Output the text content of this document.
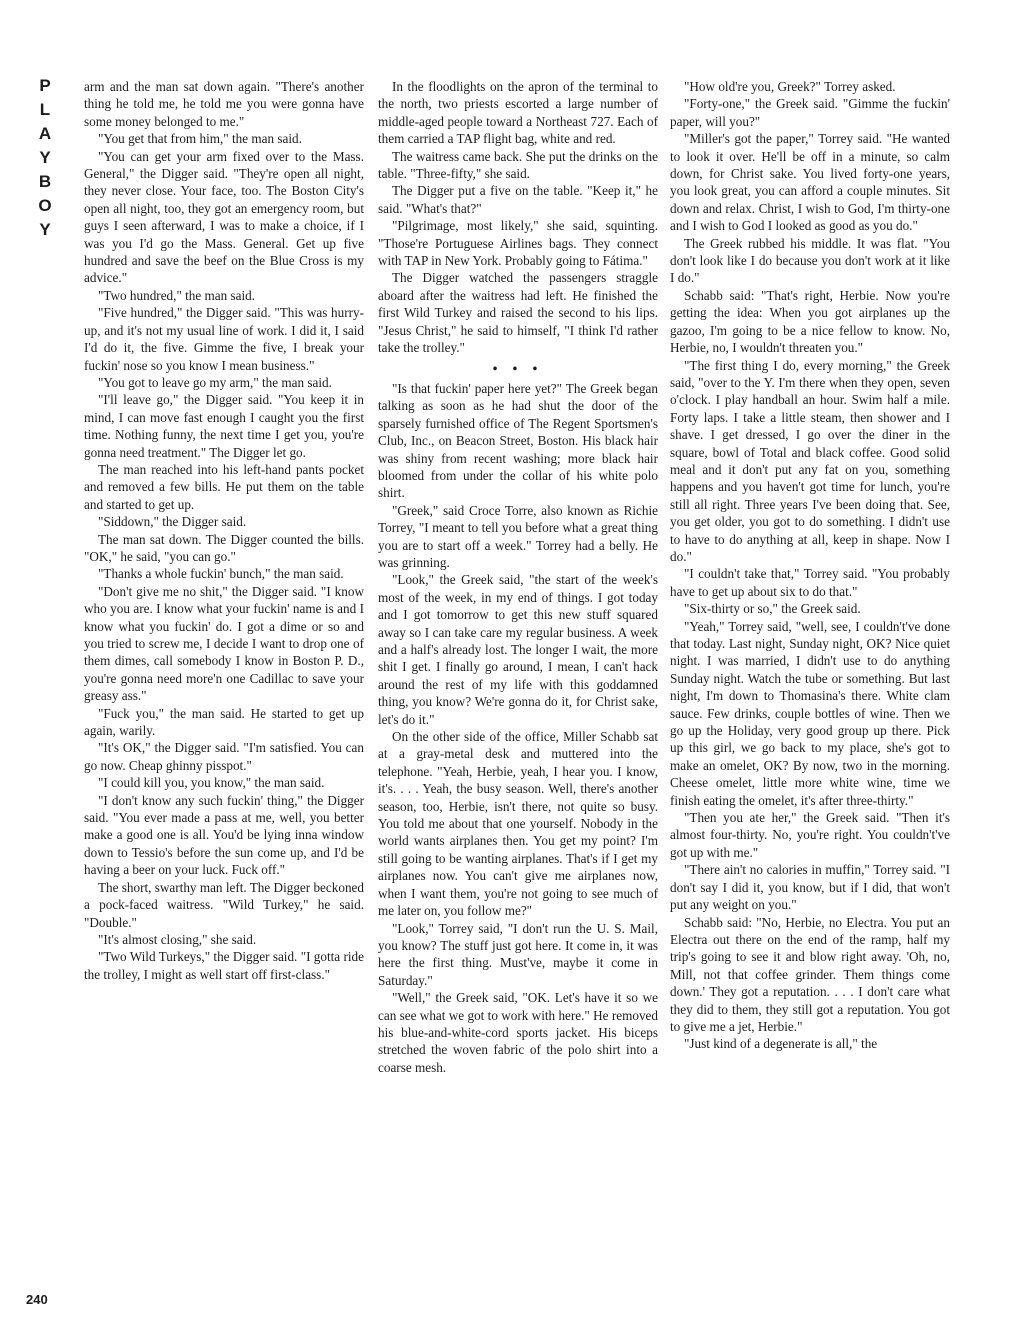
P
L
A
Y
B
O
Y

arm and the man sat down again. "There's another thing he told me, he told me you were gonna have some money belonged to me."

"You get that from him," the man said.

"You can get your arm fixed over to the Mass. General," the Digger said. "They're open all night, they never close. Your face, too. The Boston City's open all night, too, they got an emergency room, but guys I seen afterward, I was to make a choice, if I was you I'd go the Mass. General. Get up five hundred and save the beef on the Blue Cross is my advice."

"Two hundred," the man said.

"Five hundred," the Digger said. "This was hurry-up, and it's not my usual line of work. I did it, I said I'd do it, the five. Gimme the five, I break your fuckin' nose so you know I mean business."

"You got to leave go my arm," the man said.

"I'll leave go," the Digger said. "You keep it in mind, I can move fast enough I caught you the first time. Nothing funny, the next time I get you, you're gonna need treatment." The Digger let go.

The man reached into his left-hand pants pocket and removed a few bills. He put them on the table and started to get up.

"Siddown," the Digger said.

The man sat down. The Digger counted the bills. "OK," he said, "you can go."

"Thanks a whole fuckin' bunch," the man said.

"Don't give me no shit," the Digger said. "I know who you are. I know what your fuckin' name is and I know what you fuckin' do. I got a dime or so and you tried to screw me, I decide I want to drop one of them dimes, call somebody I know in Boston P. D., you're gonna need more'n one Cadillac to save your greasy ass."

"Fuck you," the man said. He started to get up again, warily.

"It's OK," the Digger said. "I'm satisfied. You can go now. Cheap ghinny pisspot."

"I could kill you, you know," the man said.

"I don't know any such fuckin' thing," the Digger said. "You ever made a pass at me, well, you better make a good one is all. You'd be lying inna window down to Tessio's before the sun come up, and I'd be having a beer on your luck. Fuck off."

The short, swarthy man left. The Digger beckoned a pock-faced waitress. "Wild Turkey," he said. "Double."

"It's almost closing," she said.

"Two Wild Turkeys," the Digger said. "I gotta ride the trolley, I might as well start off first-class."

In the floodlights on the apron of the terminal to the north, two priests escorted a large number of middle-aged people toward a Northeast 727. Each of them carried a TAP flight bag, white and red.

The waitress came back. She put the drinks on the table. "Three-fifty," she said.

The Digger put a five on the table. "Keep it," he said. "What's that?"

"Pilgrimage, most likely," she said, squinting. "Those're Portuguese Airlines bags. They connect with TAP in New York. Probably going to Fátima."

The Digger watched the passengers straggle aboard after the waitress had left. He finished the first Wild Turkey and raised the second to his lips. "Jesus Christ," he said to himself, "I think I'd rather take the trolley."

• • •

"Is that fuckin' paper here yet?" The Greek began talking as soon as he had shut the door of the sparsely furnished office of The Regent Sportsmen's Club, Inc., on Beacon Street, Boston. His black hair was shiny from recent washing; more black hair bloomed from under the collar of his white polo shirt.

"Greek," said Croce Torre, also known as Richie Torrey, "I meant to tell you before what a great thing you are to start off a week." Torrey had a belly. He was grinning.

"Look," the Greek said, "the start of the week's most of the week, in my end of things. I got today and I got tomorrow to get this new stuff squared away so I can take care my regular business. A week and a half's already lost. The longer I wait, the more shit I get. I finally go around, I mean, I can't hack around the rest of my life with this goddamned thing, you know? We're gonna do it, for Christ sake, let's do it."

On the other side of the office, Miller Schabb sat at a gray-metal desk and muttered into the telephone. "Yeah, Herbie, yeah, I hear you. I know, it's. . . . Yeah, the busy season. Well, there's another season, too, Herbie, isn't there, not quite so busy. You told me about that one yourself. Nobody in the world wants airplanes then. You get my point? I'm still going to be wanting airplanes. That's if I get my airplanes now. You can't give me airplanes now, when I want them, you're not going to see much of me later on, you follow me?"

"Look," Torrey said, "I don't run the U. S. Mail, you know? The stuff just got here. It come in, it was here the first thing. Must've, maybe it come in Saturday."

"Well," the Greek said, "OK. Let's have it so we can see what we got to work with here." He removed his blue-and-white-cord sports jacket. His biceps stretched the woven fabric of the polo shirt into a coarse mesh.

"How old're you, Greek?" Torrey asked.

"Forty-one," the Greek said. "Gimme the fuckin' paper, will you?"

"Miller's got the paper," Torrey said. "He wanted to look it over. He'll be off in a minute, so calm down, for Christ sake. You lived forty-one years, you look great, you can afford a couple minutes. Sit down and relax. Christ, I wish to God, I'm thirty-one and I wish to God I looked as good as you do."

The Greek rubbed his middle. It was flat. "You don't look like I do because you don't work at it like I do."

Schabb said: "That's right, Herbie. Now you're getting the idea: When you got airplanes up the gazoo, I'm going to be a nice fellow to know. No, Herbie, no, I wouldn't threaten you."

"The first thing I do, every morning," the Greek said, "over to the Y. I'm there when they open, seven o'clock. I play handball an hour. Swim half a mile. Forty laps. I take a little steam, then shower and I shave. I get dressed, I go over the diner in the square, bowl of Total and black coffee. Good solid meal and it don't put any fat on you, something happens and you haven't got time for lunch, you're still all right. Three years I've been doing that. See, you get older, you got to do something. I didn't use to have to do anything at all, keep in shape. Now I do."

"I couldn't take that," Torrey said. "You probably have to get up about six to do that."

"Six-thirty or so," the Greek said.

"Yeah," Torrey said, "well, see, I couldn't've done that today. Last night, Sunday night, OK? Nice quiet night. I was married, I didn't use to do anything Sunday night. Watch the tube or something. But last night, I'm down to Thomasina's there. White clam sauce. Few drinks, couple bottles of wine. Then we go up the Holiday, very good group up there. Pick up this girl, we go back to my place, she's got to make an omelet, OK? By now, two in the morning. Cheese omelet, little more white wine, time we finish eating the omelet, it's after three-thirty."

"Then you ate her," the Greek said. "Then it's almost four-thirty. No, you're right. You couldn't've got up with me."

"There ain't no calories in muffin," Torrey said. "I don't say I did it, you know, but if I did, that won't put any weight on you."

Schabb said: "No, Herbie, no Electra. You put an Electra out there on the end of the ramp, half my trip's going to see it and blow right away. 'Oh, no, Mill, not that coffee grinder. Them things come down.' They got a reputation. . . . I don't care what they did to them, they still got a reputation. You got to give me a jet, Herbie."

"Just kind of a degenerate is all," the

240
